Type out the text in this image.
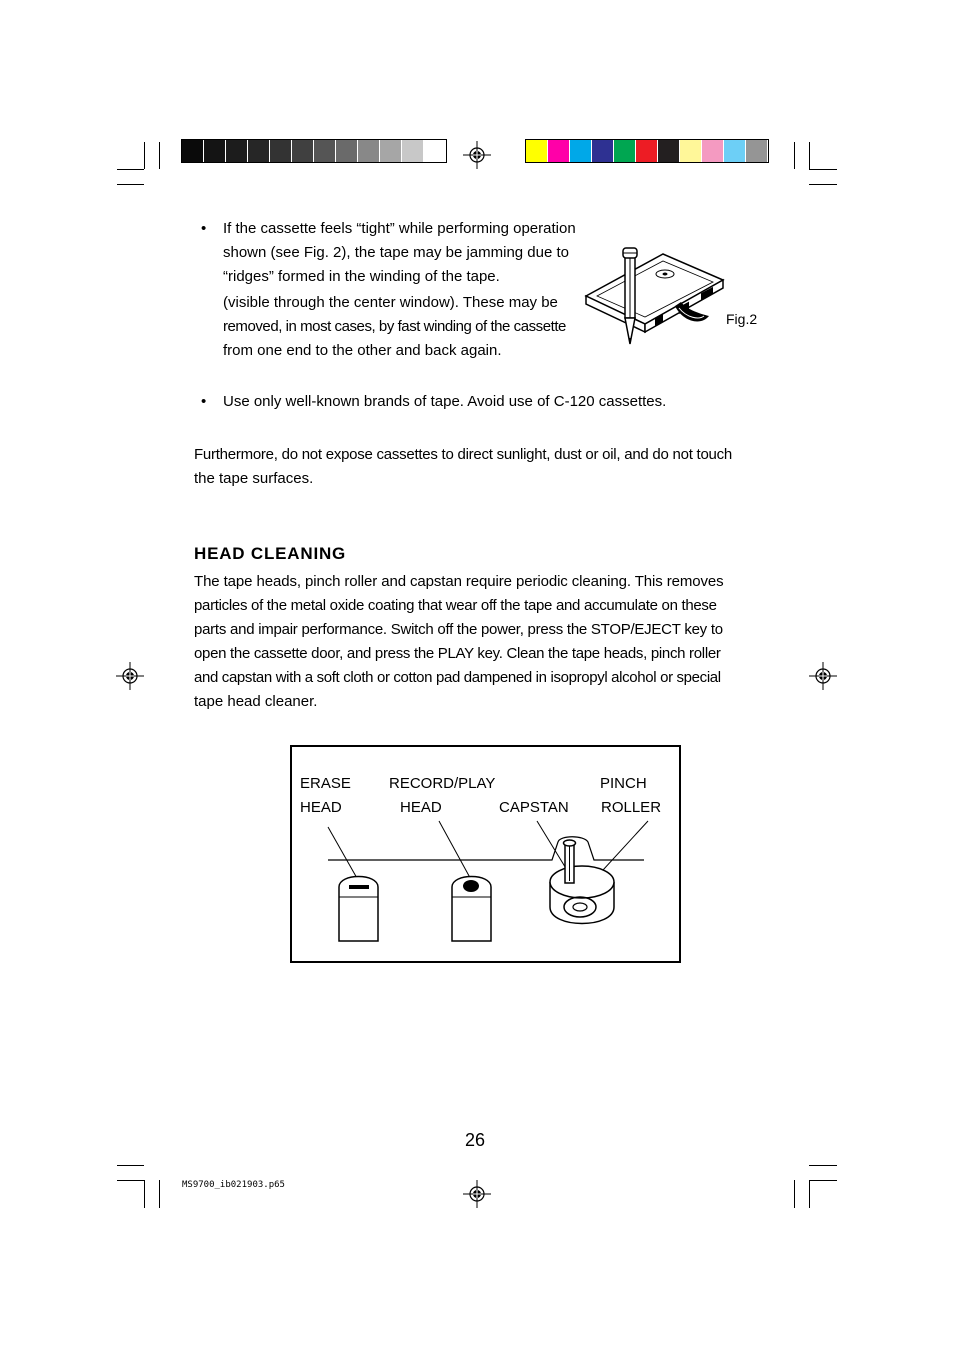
• If the cassette feels “tight” while performing operation
shown (see Fig. 2), the tape may be jamming due to
“ridges” formed in the winding of the tape.
(visible through the center window). These may be
removed, in most cases, by fast winding of the cassette
from one end to the other and back again.
Fig.2
• Use only well-known brands of tape. Avoid use of C-120 cassettes.
Furthermore, do not expose cassettes to direct sunlight, dust or oil, and do not touch
the tape surfaces.
HEAD CLEANING
The tape heads, pinch roller and capstan require periodic cleaning. This removes
particles of the metal oxide coating that wear off the tape and accumulate on these
parts and impair performance. Switch off the power, press the STOP/EJECT key to
open the cassette door, and press the PLAY key. Clean the tape heads, pinch roller
and capstan with a soft cloth or cotton pad dampened in isopropyl alcohol or special
tape head cleaner.
ERASE
HEAD
RECORD/PLAY
HEAD	CAPSTAN
PINCH
ROLLER
26
MS9700_ib021903.p65
